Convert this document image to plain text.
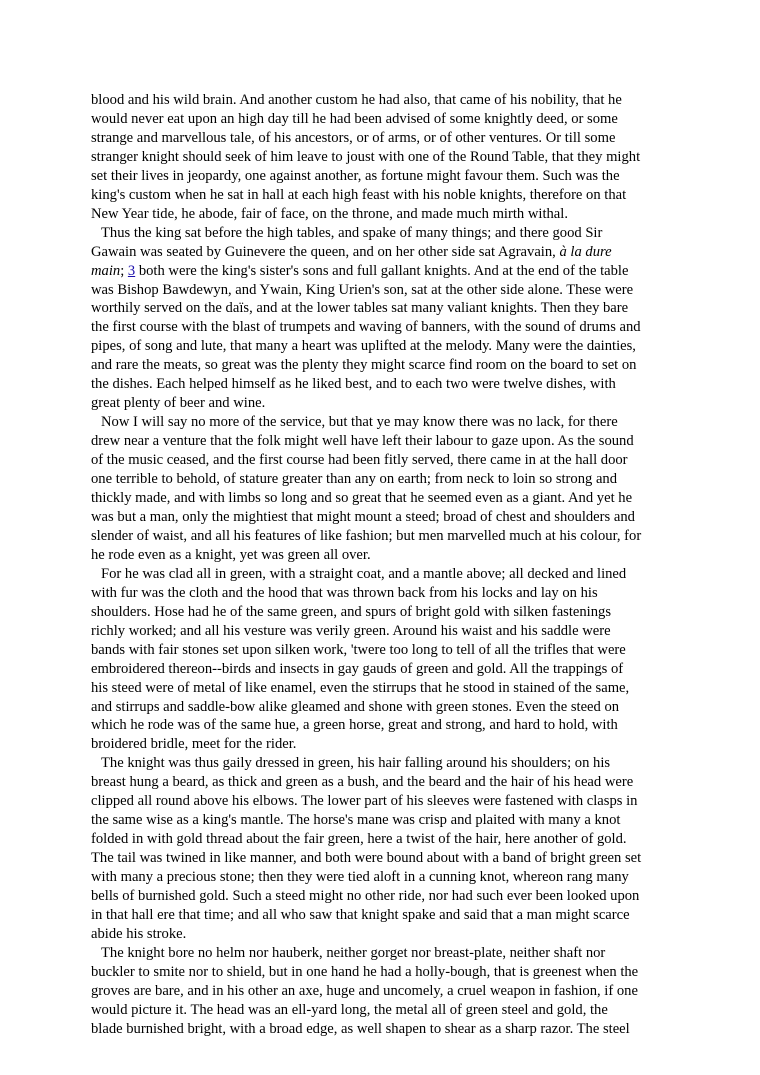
blood and his wild brain. And another custom he had also, that came of his nobility, that he
would never eat upon an high day till he had been advised of some knightly deed, or some
strange and marvellous tale, of his ancestors, or of arms, or of other ventures. Or till some
stranger knight should seek of him leave to joust with one of the Round Table, that they might
set their lives in jeopardy, one against another, as fortune might favour them. Such was the
king's custom when he sat in hall at each high feast with his noble knights, therefore on that
New Year tide, he abode, fair of face, on the throne, and made much mirth withal.

Thus the king sat before the high tables, and spake of many things; and there good Sir
Gawain was seated by Guinevere the queen, and on her other side sat Agravain, à la dure
main; 3 both were the king's sister's sons and full gallant knights. And at the end of the table
was Bishop Bawdewyn, and Ywain, King Urien's son, sat at the other side alone. These were
worthily served on the daïs, and at the lower tables sat many valiant knights. Then they bare
the first course with the blast of trumpets and waving of banners, with the sound of drums and
pipes, of song and lute, that many a heart was uplifted at the melody. Many were the dainties,
and rare the meats, so great was the plenty they might scarce find room on the board to set on
the dishes. Each helped himself as he liked best, and to each two were twelve dishes, with
great plenty of beer and wine.

Now I will say no more of the service, but that ye may know there was no lack, for there
drew near a venture that the folk might well have left their labour to gaze upon. As the sound
of the music ceased, and the first course had been fitly served, there came in at the hall door
one terrible to behold, of stature greater than any on earth; from neck to loin so strong and
thickly made, and with limbs so long and so great that he seemed even as a giant. And yet he
was but a man, only the mightiest that might mount a steed; broad of chest and shoulders and
slender of waist, and all his features of like fashion; but men marvelled much at his colour, for
he rode even as a knight, yet was green all over.

For he was clad all in green, with a straight coat, and a mantle above; all decked and lined
with fur was the cloth and the hood that was thrown back from his locks and lay on his
shoulders. Hose had he of the same green, and spurs of bright gold with silken fastenings
richly worked; and all his vesture was verily green. Around his waist and his saddle were
bands with fair stones set upon silken work, 'twere too long to tell of all the trifles that were
embroidered thereon--birds and insects in gay gauds of green and gold. All the trappings of
his steed were of metal of like enamel, even the stirrups that he stood in stained of the same,
and stirrups and saddle-bow alike gleamed and shone with green stones. Even the steed on
which he rode was of the same hue, a green horse, great and strong, and hard to hold, with
broidered bridle, meet for the rider.

The knight was thus gaily dressed in green, his hair falling around his shoulders; on his
breast hung a beard, as thick and green as a bush, and the beard and the hair of his head were
clipped all round above his elbows. The lower part of his sleeves were fastened with clasps in
the same wise as a king's mantle. The horse's mane was crisp and plaited with many a knot
folded in with gold thread about the fair green, here a twist of the hair, here another of gold.
The tail was twined in like manner, and both were bound about with a band of bright green set
with many a precious stone; then they were tied aloft in a cunning knot, whereon rang many
bells of burnished gold. Such a steed might no other ride, nor had such ever been looked upon
in that hall ere that time; and all who saw that knight spake and said that a man might scarce
abide his stroke.

The knight bore no helm nor hauberk, neither gorget nor breast-plate, neither shaft nor
buckler to smite nor to shield, but in one hand he had a holly-bough, that is greenest when the
groves are bare, and in his other an axe, huge and uncomely, a cruel weapon in fashion, if one
would picture it. The head was an ell-yard long, the metal all of green steel and gold, the
blade burnished bright, with a broad edge, as well shapen to shear as a sharp razor. The steel
